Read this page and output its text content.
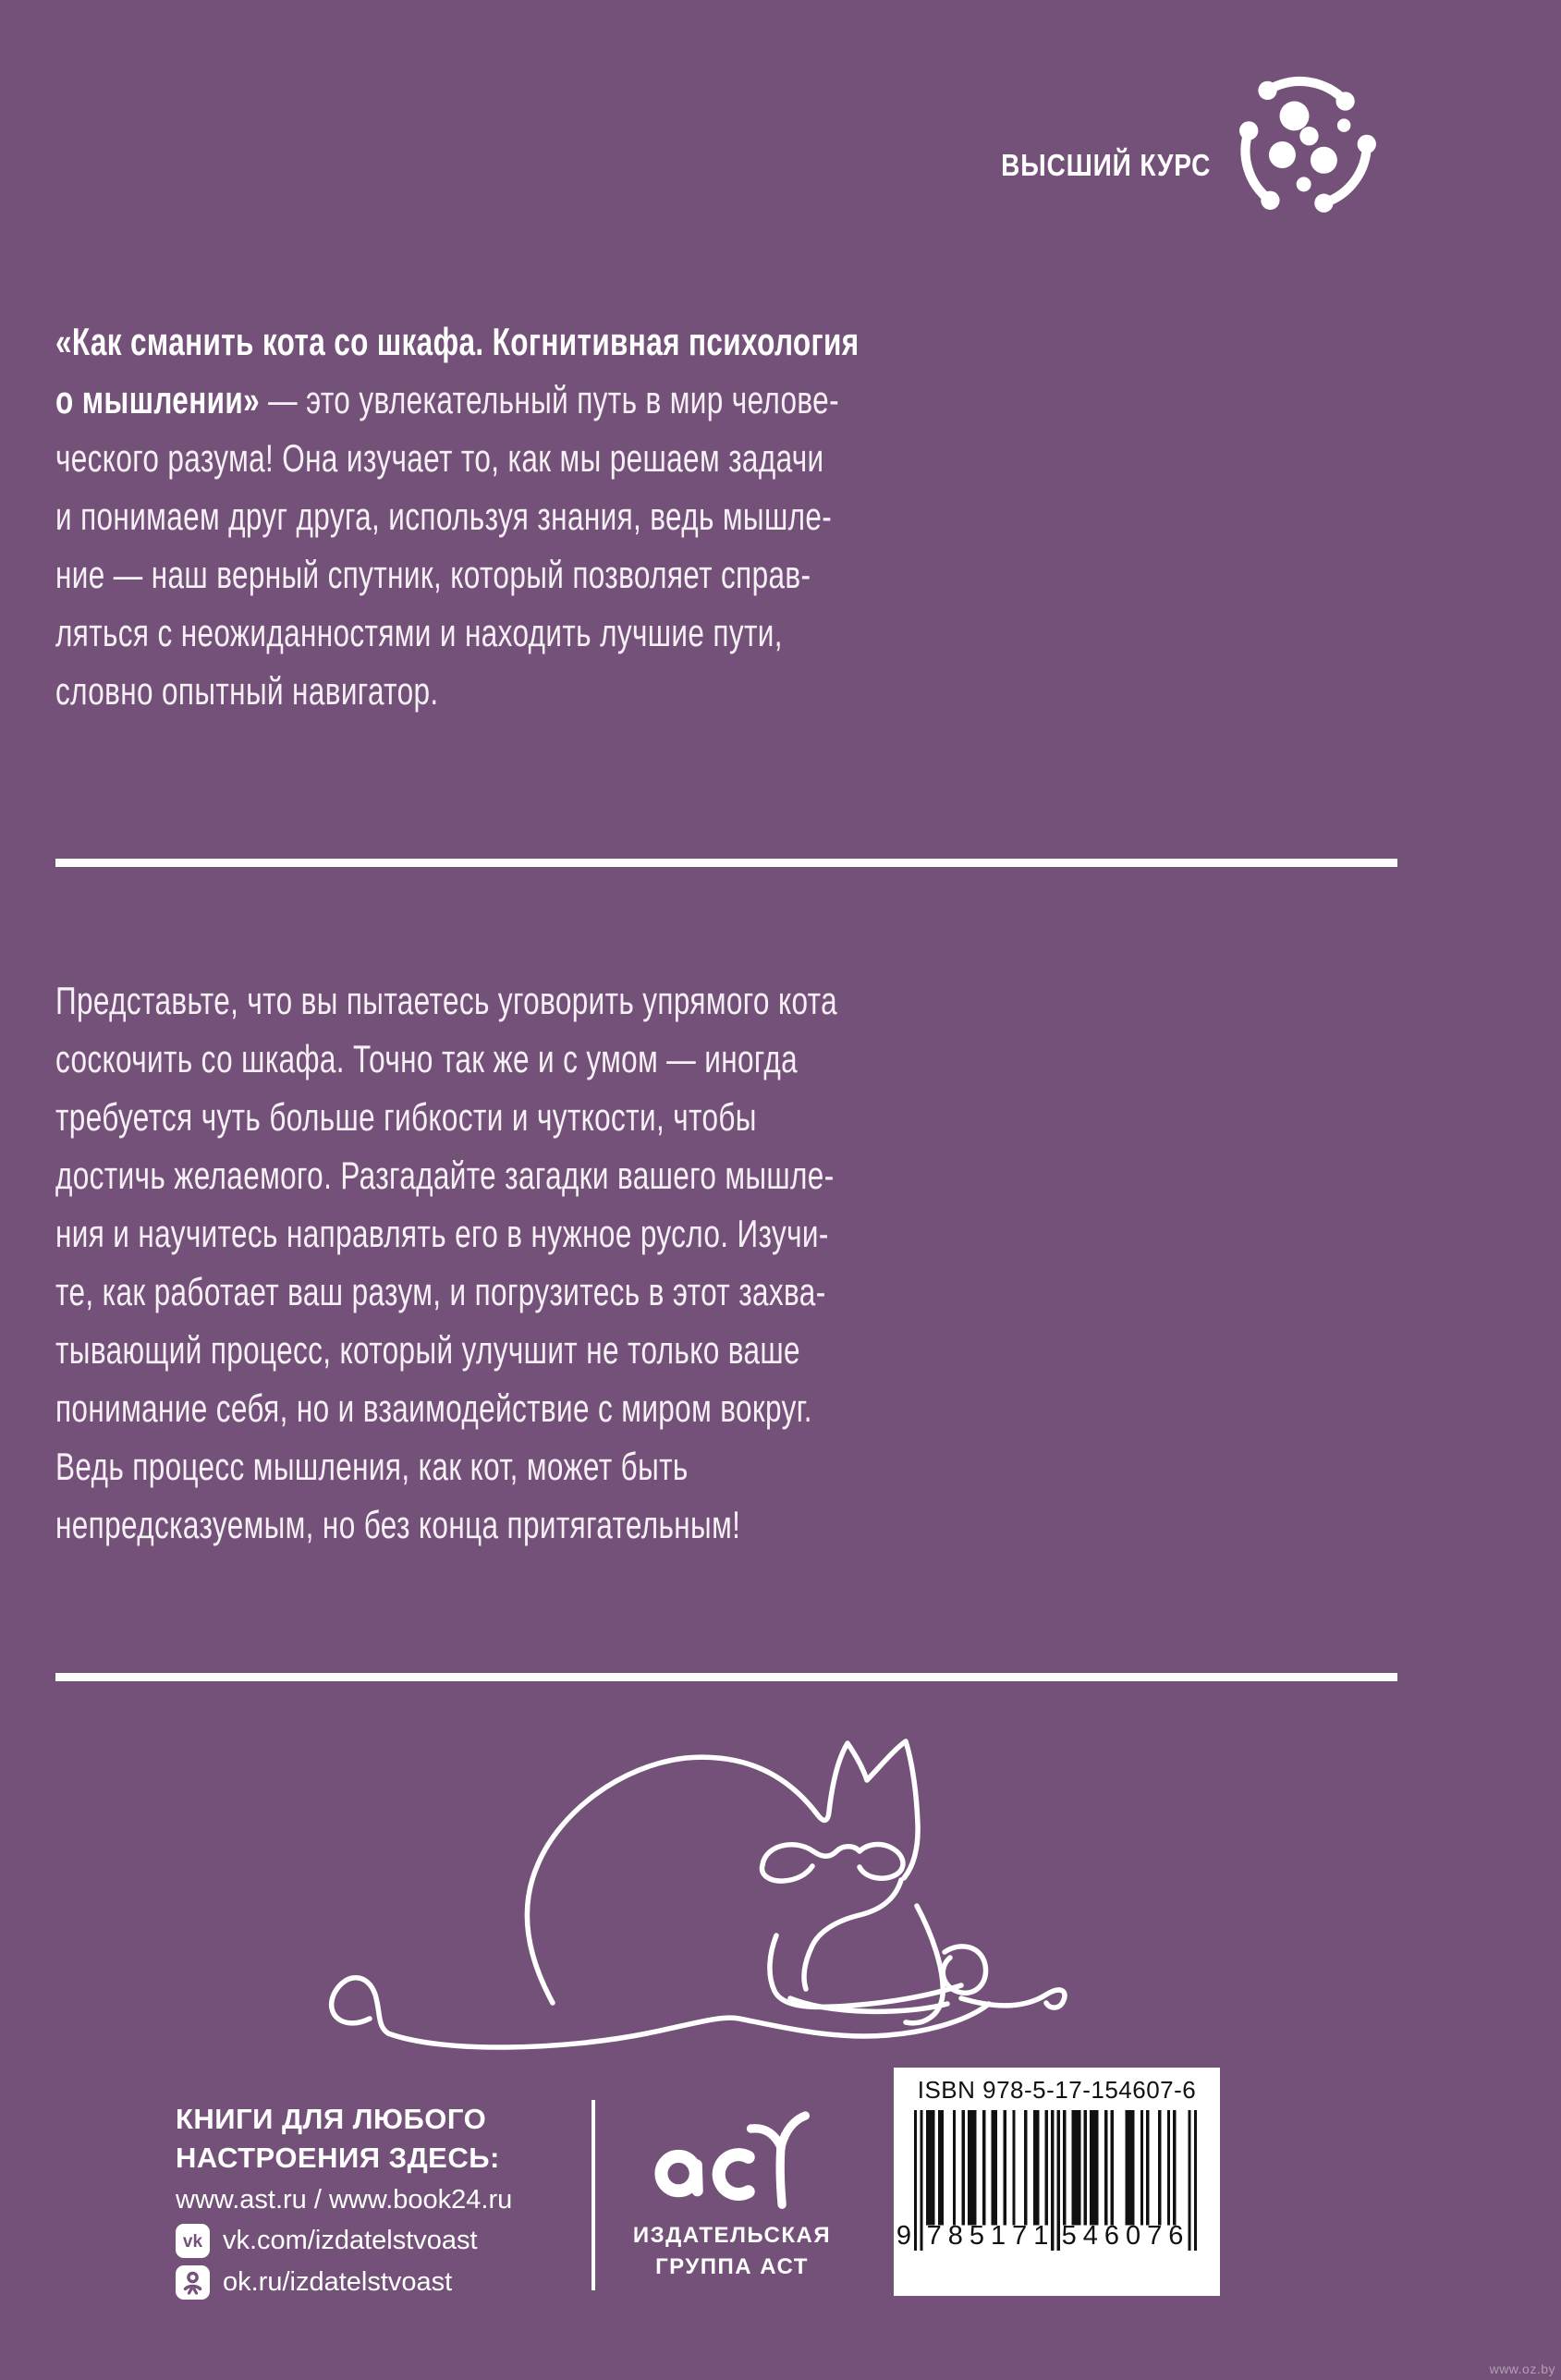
ВЫСШИЙ КУРС
«Как сманить кота со шкафа. Когнитивная психология
о мышлении» — это увлекательный путь в мир челове-
ческого разума! Она изучает то, как мы решаем задачи
и понимаем друг друга, используя знания, ведь мышле-
ние — наш верный спутник, который позволяет справ-
ляться с неожиданностями и находить лучшие пути,
словно опытный навигатор.
Представьте, что вы пытаетесь уговорить упрямого кота
соскочить со шкафа. Точно так же и с умом — иногда
требуется чуть больше гибкости и чуткости, чтобы
достичь желаемого. Разгадайте загадки вашего мышле-
ния и научитесь направлять его в нужное русло. Изучи-
те, как работает ваш разум, и погрузитесь в этот захва-
тывающий процесс, который улучшит не только ваше
понимание себя, но и взаимодействие с миром вокруг.
Ведь процесс мышления, как кот, может быть
непредсказуемым, но без конца притягательным!
КНИГИ ДЛЯ ЛЮБОГО
НАСТРОЕНИЯ ЗДЕСЬ:
www.ast.ru / www.book24.ru
vk vk.com/izdatelstvoast
ok.ru/izdatelstvoast
ИЗДАТЕЛЬСКАЯ
ГРУППА АСТ
ISBN 978-5-17-154607-6
9 785171 546076
www.oz.by
